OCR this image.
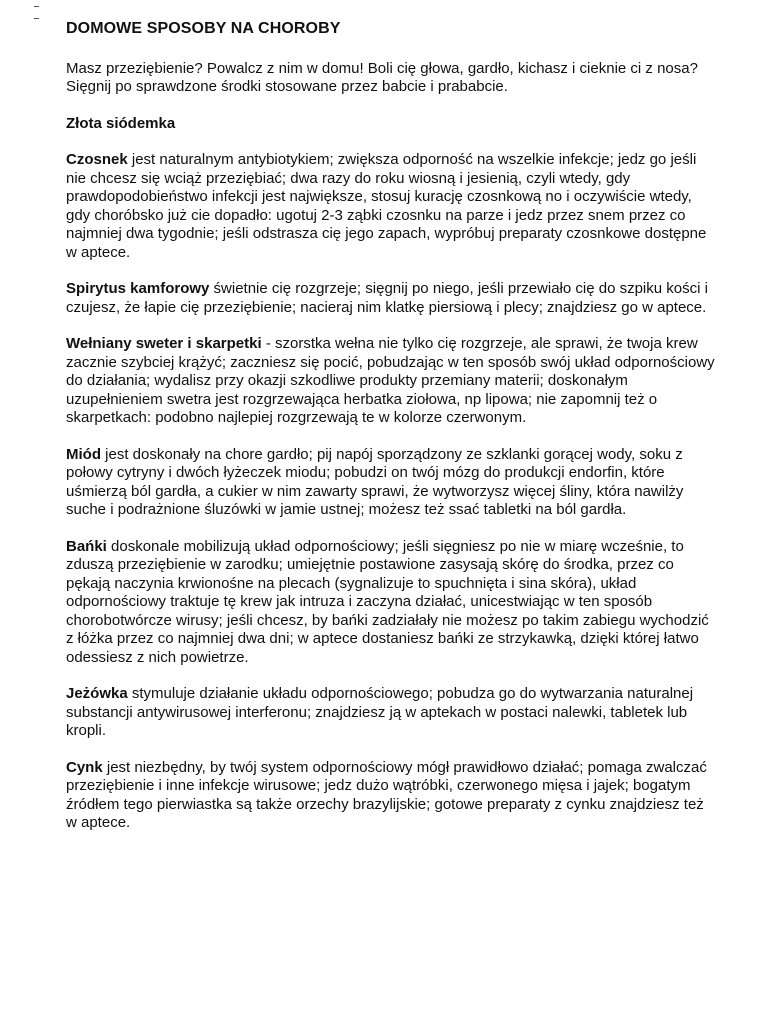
DOMOWE SPOSOBY NA CHOROBY

Masz przeziębienie? Powalcz z nim w domu! Boli cię głowa, gardło, kichasz i cieknie ci z nosa? Sięgnij po sprawdzone środki stosowane przez babcie i prababcie.

Złota siódemka

Czosnek jest naturalnym antybiotykiem; zwiększa odporność na wszelkie infekcje; jedz go jeśli nie chcesz się wciąż przeziębiać; dwa razy do roku wiosną i jesienią, czyli wtedy, gdy prawdopodobieństwo infekcji jest największe, stosuj kurację czosnkową no i oczywiście wtedy, gdy choróbsko już cie dopadło: ugotuj 2-3 ząbki czosnku na parze i jedz przez snem przez co najmniej dwa tygodnie; jeśli odstrasza cię jego zapach, wypróbuj preparaty czosnkowe dostępne w aptece.

Spirytus kamforowy świetnie cię rozgrzeje; sięgnij po niego, jeśli przewiało cię do szpiku kości i czujesz, że łapie cię przeziębienie; nacieraj nim klatkę piersiową i plecy; znajdziesz go w aptece.

Wełniany sweter i skarpetki - szorstka wełna nie tylko cię rozgrzeje, ale sprawi, że twoja krew zacznie szybciej krążyć; zaczniesz się pocić, pobudzając w ten sposób swój układ odpornościowy do działania; wydalisz przy okazji szkodliwe produkty przemiany materii; doskonałym uzupełnieniem swetra jest rozgrzewająca herbatka ziołowa, np lipowa; nie zapomnij też o skarpetkach: podobno najlepiej rozgrzewają te w kolorze czerwonym.

Miód jest doskonały na chore gardło; pij napój sporządzony ze szklanki gorącej wody, soku z połowy cytryny i dwóch łyżeczek miodu; pobudzi on twój mózg do produkcji endorfin, które uśmierzą ból gardła, a cukier w nim zawarty sprawi, że wytworzysz więcej śliny, która nawilży suche i podrażnione śluzówki w jamie ustnej; możesz też ssać tabletki na ból gardła.

Bańki doskonale mobilizują układ odpornościowy; jeśli sięgniesz po nie w miarę wcześnie, to zduszą przeziębienie w zarodku; umiejętnie postawione zasysają skórę do środka, przez co pękają naczynia krwionośne na plecach (sygnalizuje to spuchnięta i sina skóra), układ odpornościowy traktuje tę krew jak intruza i zaczyna działać, unicestwiając w ten sposób chorobotwórcze wirusy; jeśli chcesz, by bańki zadziałały nie możesz po takim zabiegu wychodzić z łóżka przez co najmniej dwa dni; w aptece dostaniesz bańki ze strzykawką, dzięki której łatwo odessiesz z nich powietrze.

Jeżówka stymuluje działanie układu odpornościowego; pobudza go do wytwarzania naturalnej substancji antywirusowej interferonu; znajdziesz ją w aptekach w postaci nalewki, tabletek lub kropli.

Cynk jest niezbędny, by twój system odpornościowy mógł prawidłowo działać; pomaga zwalczać przeziębienie i inne infekcje wirusowe; jedz dużo wątróbki, czerwonego mięsa i jajek; bogatym źródłem tego pierwiastka są także orzechy brazylijskie; gotowe preparaty z cynku znajdziesz też w aptece.
